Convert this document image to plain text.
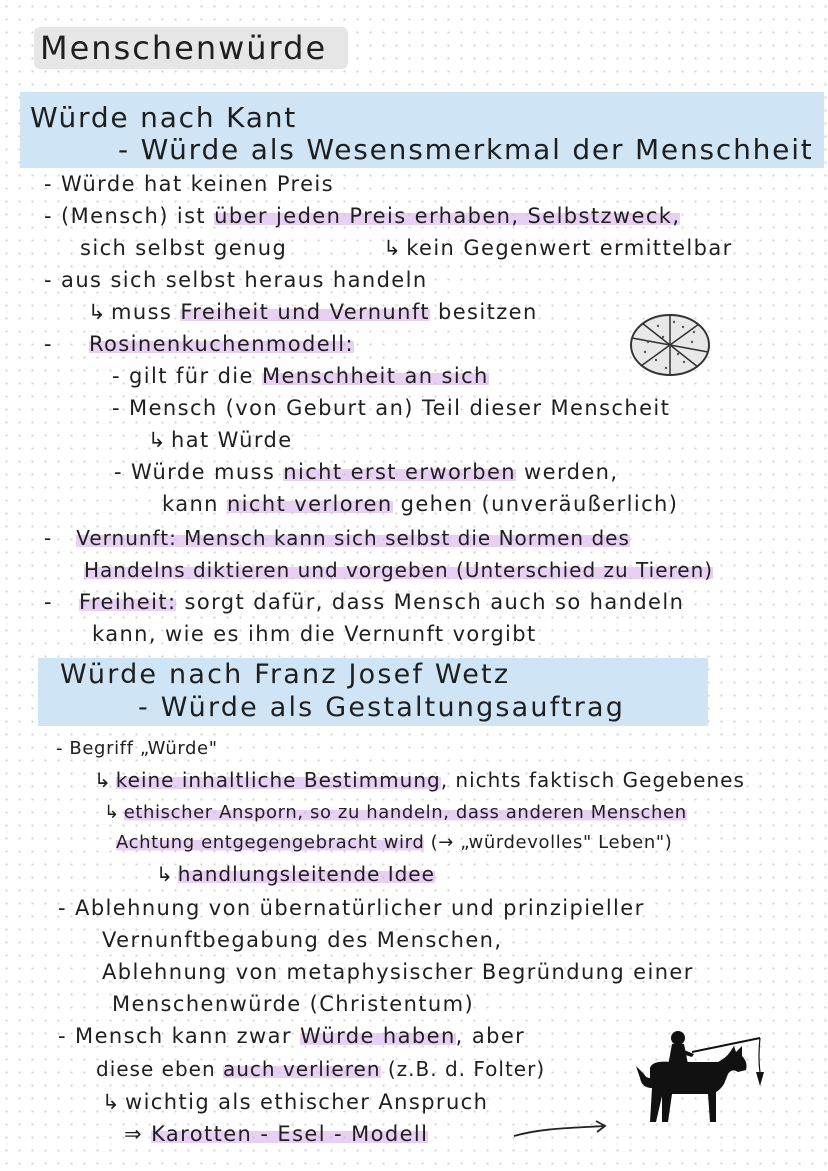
Menschenwürde
Würde nach Kant
- Würde als Wesensmerkmal der Menschheit
- Würde hat keinen Preis
- (Mensch) ist über jeden Preis erhaben, Selbstzweck,
sich selbst genug	↳ kein Gegenwert ermittelbar
- aus sich selbst heraus handeln
↳ muss Freiheit und Vernunft besitzen
- Rosinenkuchenmodell:
- gilt für die Menschheit an sich
- Mensch (von Geburt an) Teil dieser Menscheit
↳ hat Würde
- Würde muss nicht erst erworben werden,
kann nicht verloren gehen (unveräußerlich)
- Vernunft: Mensch kann sich selbst die Normen des
Handelns diktieren und vorgeben (Unterschied zu Tieren)
- Freiheit: sorgt dafür, dass Mensch auch so handeln
kann, wie es ihm die Vernunft vorgibt
Würde nach Franz Josef Wetz
- Würde als Gestaltungsauftrag
- Begriff „Würde"
↳ keine inhaltliche Bestimmung, nichts faktisch Gegebenes
↳ ethischer Ansporn, so zu handeln, dass anderen Menschen
Achtung entgegengebracht wird (→ „würdevolles" Leben")
↳ handlungsleitende Idee
- Ablehnung von übernatürlicher und prinzipieller
Vernunftbegabung des Menschen,
Ablehnung von metaphysischer Begründung einer
Menschenwürde (Christentum)
- Mensch kann zwar Würde haben, aber
diese eben auch verlieren (z.B. d. Folter)
↳ wichtig als ethischer Anspruch
⇒ Karotten - Esel - Modell
